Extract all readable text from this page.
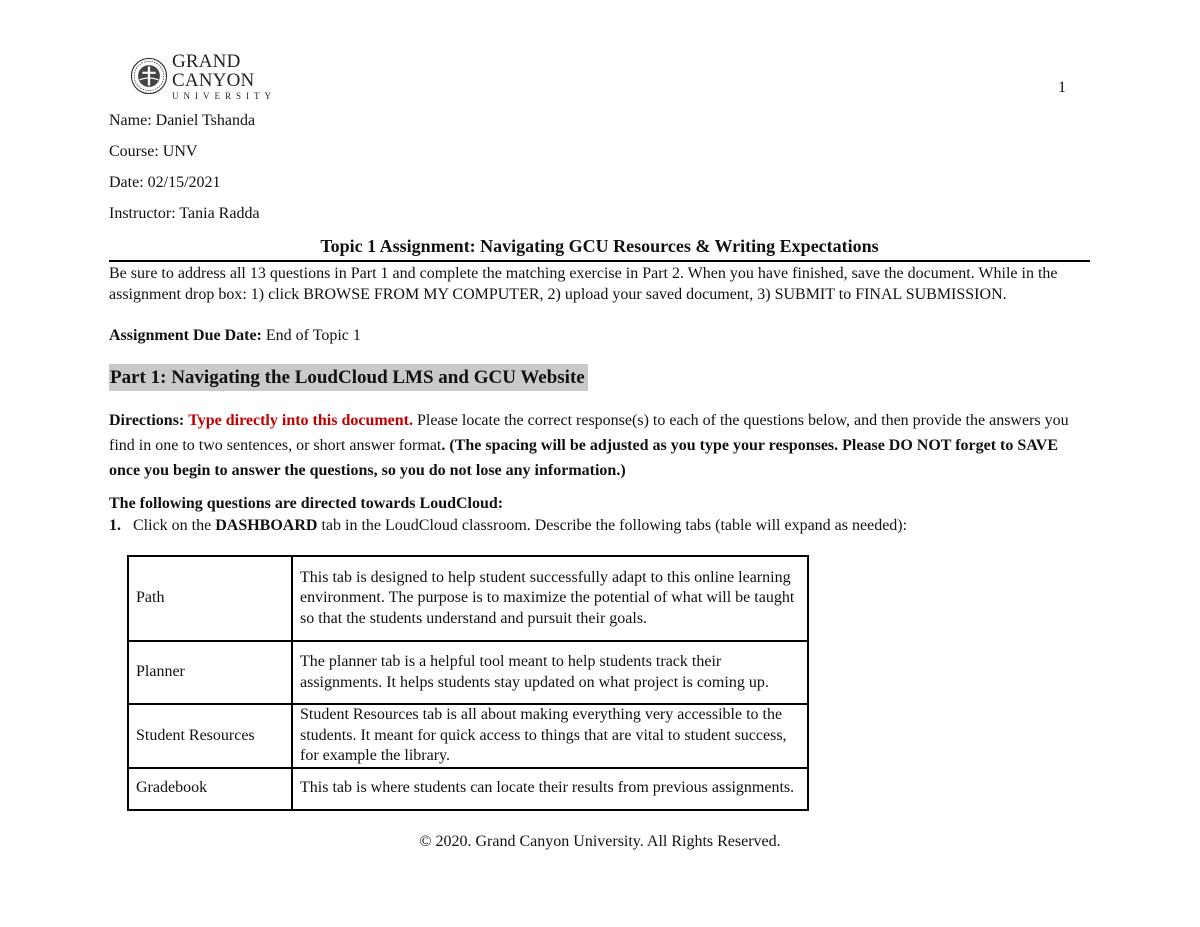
GRAND CANYON
UNIVERSITY	1
Name: Daniel Tshanda
Course: UNV
Date: 02/15/2021
Instructor: Tania Radda
Topic 1 Assignment: Navigating GCU Resources & Writing Expectations
Be sure to address all 13 questions in Part 1 and complete the matching exercise in Part 2. When you have finished, save the document. While in the assignment drop box: 1) click BROWSE FROM MY COMPUTER, 2) upload your saved document, 3) SUBMIT to FINAL SUBMISSION.
Assignment Due Date: End of Topic 1
Part 1: Navigating the LoudCloud LMS and GCU Website
Directions: Type directly into this document. Please locate the correct response(s) to each of the questions below, and then provide the answers you find in one to two sentences, or short answer format. (The spacing will be adjusted as you type your responses. Please DO NOT forget to SAVE once you begin to answer the questions, so you do not lose any information.)
The following questions are directed towards LoudCloud:
1. Click on the DASHBOARD tab in the LoudCloud classroom. Describe the following tabs (table will expand as needed):
Path	This tab is designed to help student successfully adapt to this online learning environment. The purpose is to maximize the potential of what will be taught so that the students understand and pursuit their goals.
Planner	The planner tab is a helpful tool meant to help students track their assignments. It helps students stay updated on what project is coming up.
Student Resources	Student Resources tab is all about making everything very accessible to the students. It meant for quick access to things that are vital to student success, for example the library.
Gradebook	This tab is where students can locate their results from previous assignments.
© 2020. Grand Canyon University. All Rights Reserved.
